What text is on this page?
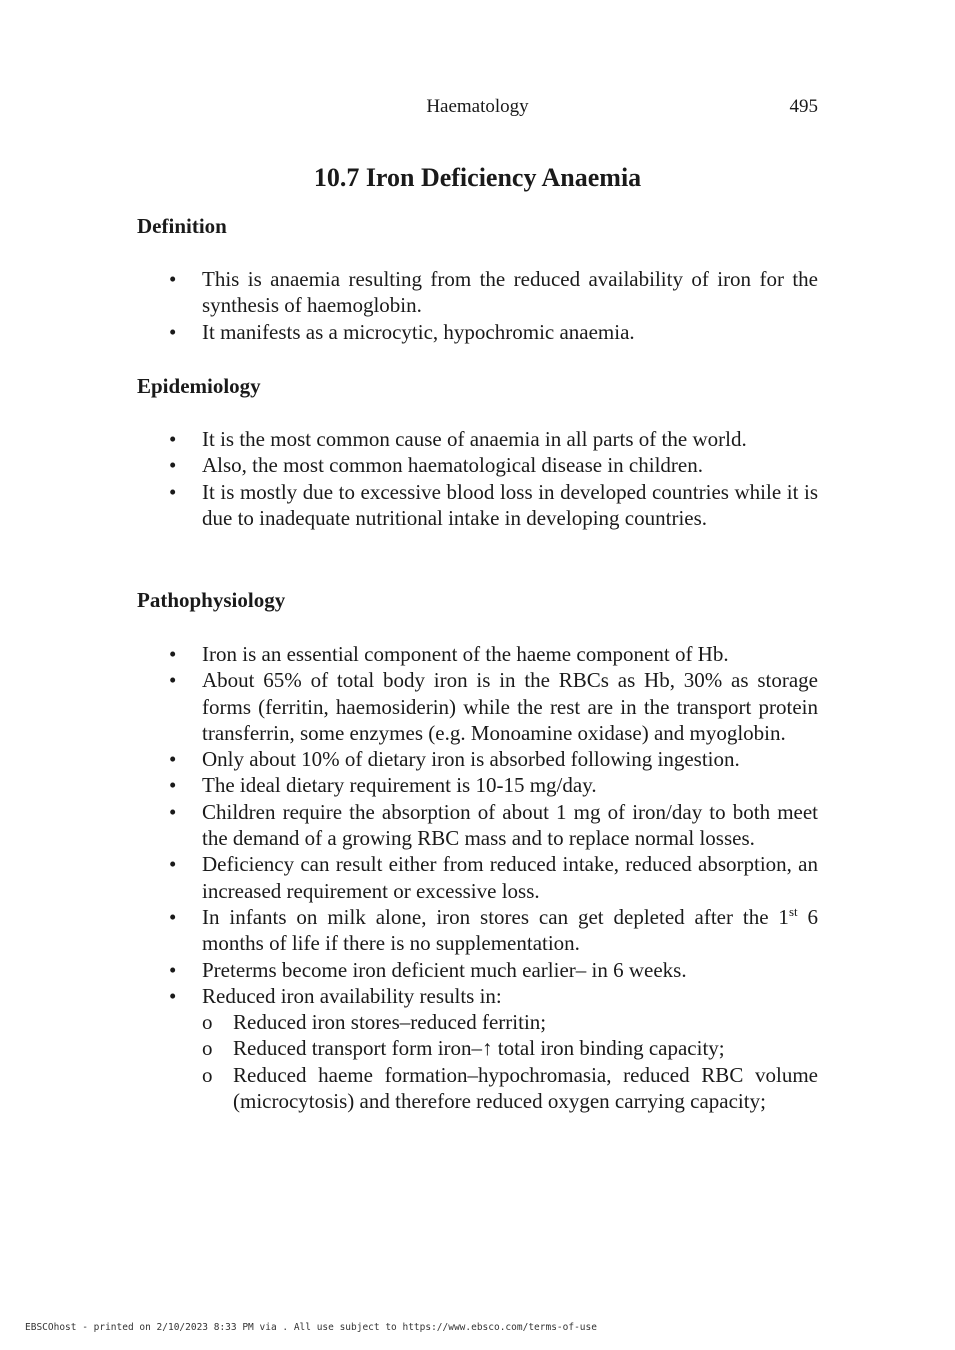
Haematology	495
10.7 Iron Deficiency Anaemia
Definition
• This is anaemia resulting from the reduced availability of iron for the synthesis of haemoglobin.
• It manifests as a microcytic, hypochromic anaemia.
Epidemiology
• It is the most common cause of anaemia in all parts of the world.
• Also, the most common haematological disease in children.
• It is mostly due to excessive blood loss in developed countries while it is due to inadequate nutritional intake in developing countries.
Pathophysiology
• Iron is an essential component of the haeme component of Hb.
• About 65% of total body iron is in the RBCs as Hb, 30% as storage forms (ferritin, haemosiderin) while the rest are in the transport protein transferrin, some enzymes (e.g. Monoamine oxidase) and myoglobin.
• Only about 10% of dietary iron is absorbed following ingestion.
• The ideal dietary requirement is 10-15 mg/day.
• Children require the absorption of about 1 mg of iron/day to both meet the demand of a growing RBC mass and to replace normal losses.
• Deficiency can result either from reduced intake, reduced absorption, an increased requirement or excessive loss.
• In infants on milk alone, iron stores can get depleted after the 1st 6 months of life if there is no supplementation.
• Preterms become iron deficient much earlier– in 6 weeks.
• Reduced iron availability results in:
o Reduced iron stores–reduced ferritin;
o Reduced transport form iron–↑ total iron binding capacity;
o Reduced haeme formation–hypochromasia, reduced RBC volume (microcytosis) and therefore reduced oxygen carrying capacity;
EBSCOhost - printed on 2/10/2023 8:33 PM via . All use subject to https://www.ebsco.com/terms-of-use
